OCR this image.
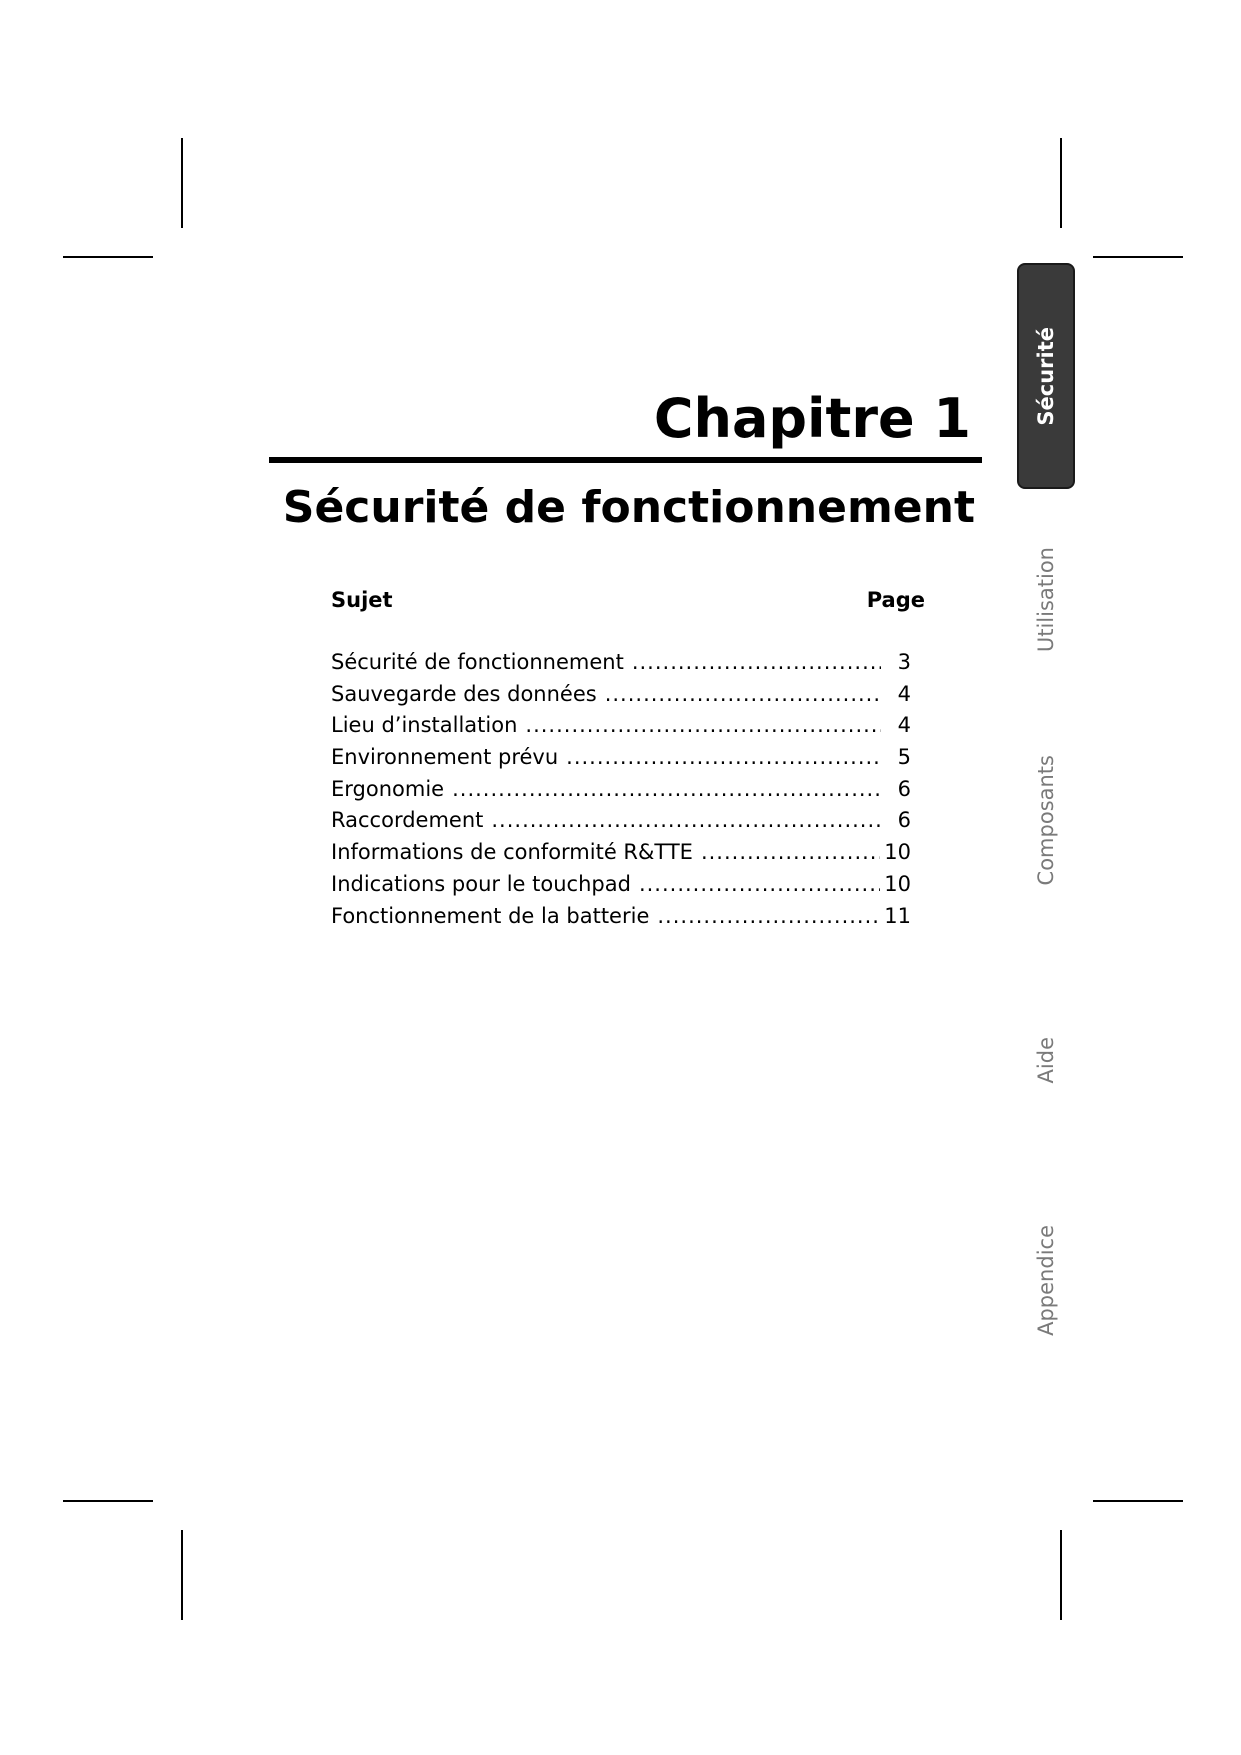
Chapitre 1
Sécurité de fonctionnement
Sujet	Page
Sécurité de fonctionnement .....	3
Sauvegarde des données .....	4
Lieu d’installation .....	4
Environnement prévu .....	5
Ergonomie .....	6
Raccordement .....	6
Informations de conformité R&TTE .....	10
Indications pour le touchpad .....	10
Fonctionnement de la batterie .....	11
Sécurité
Utilisation
Composants
Aide
Appendice
